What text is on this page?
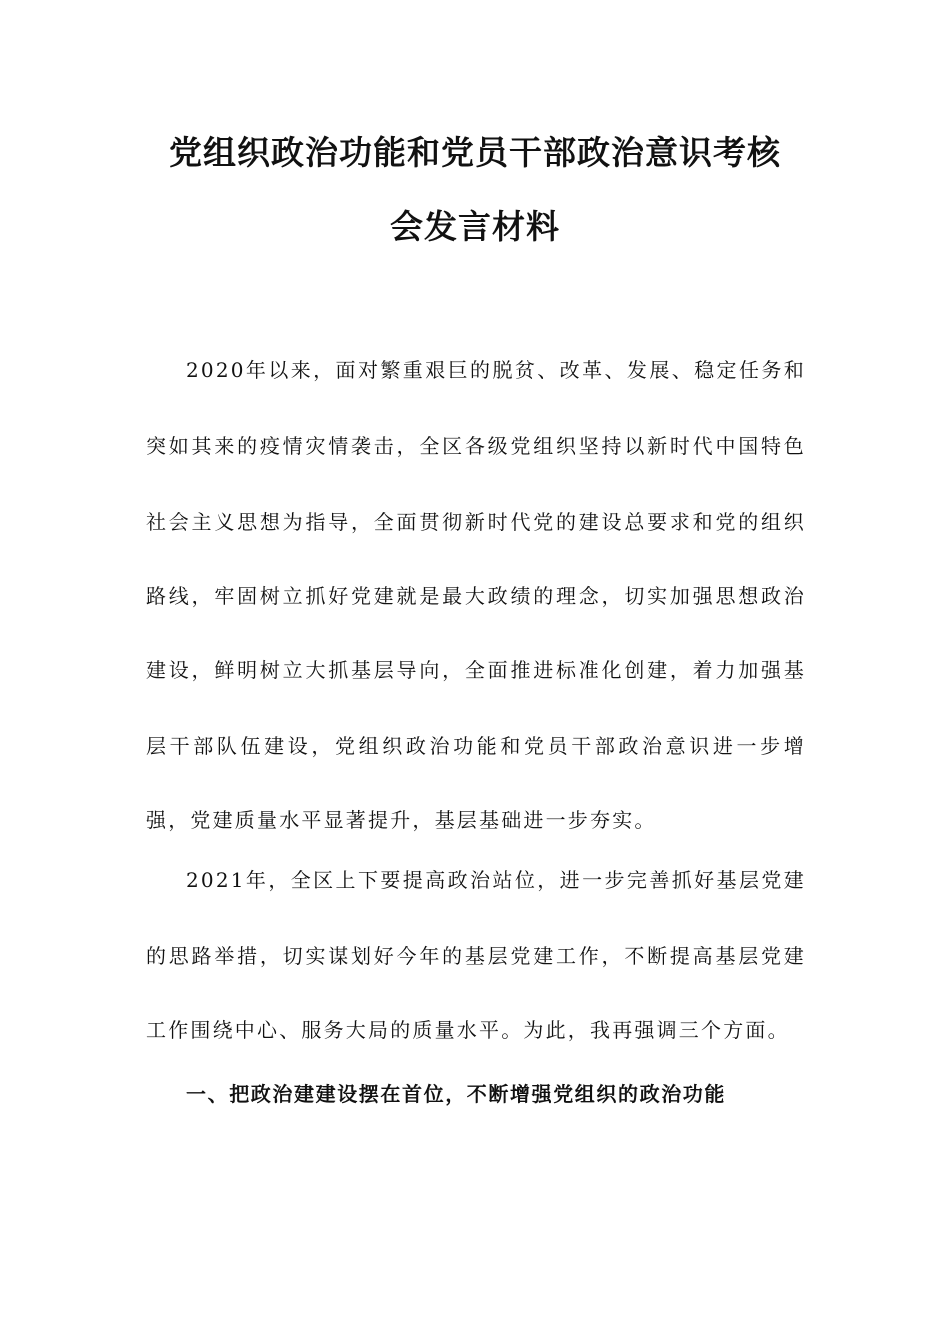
党组织政治功能和党员干部政治意识考核
会发言材料
2020年以来，面对繁重艰巨的脱贫、改革、发展、稳定任务和
突如其来的疫情灾情袭击，全区各级党组织坚持以新时代中国特色
社会主义思想为指导，全面贯彻新时代党的建设总要求和党的组织
路线，牢固树立抓好党建就是最大政绩的理念，切实加强思想政治
建设，鲜明树立大抓基层导向，全面推进标准化创建，着力加强基
层干部队伍建设，党组织政治功能和党员干部政治意识进一步增
强，党建质量水平显著提升，基层基础进一步夯实。
2021年，全区上下要提高政治站位，进一步完善抓好基层党建
的思路举措，切实谋划好今年的基层党建工作，不断提高基层党建
工作围绕中心、服务大局的质量水平。为此，我再强调三个方面。
一、把政治建建设摆在首位，不断增强党组织的政治功能
